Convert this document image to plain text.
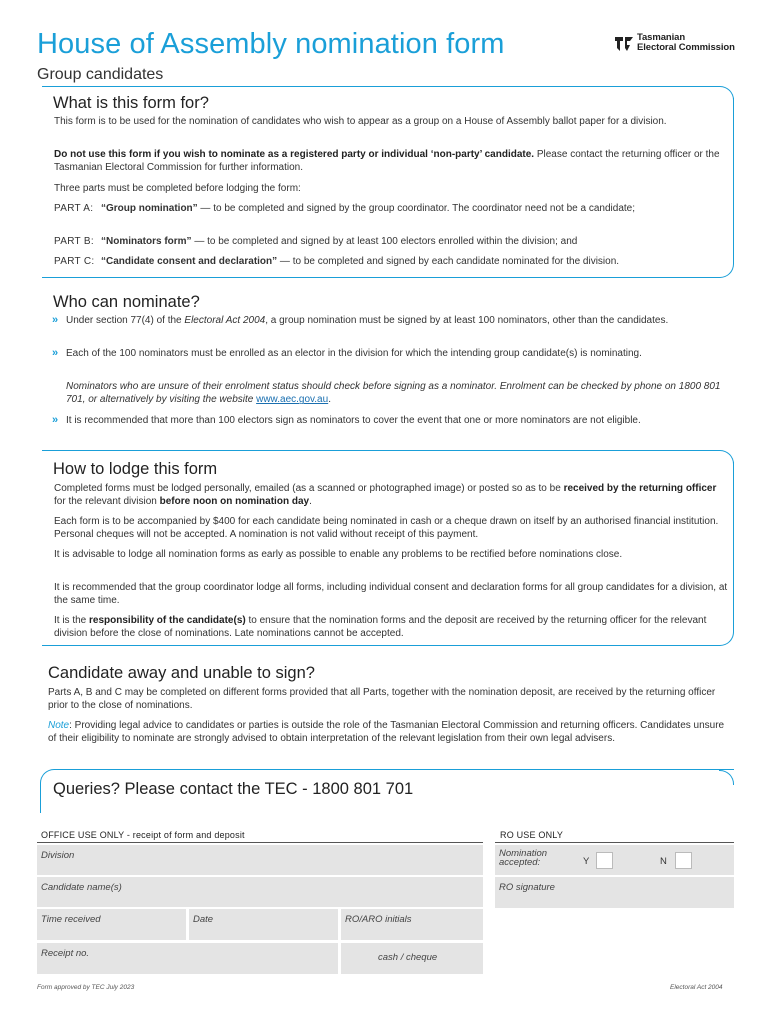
House of Assembly nomination form	Tasmanian
Electoral Commission
Group candidates
What is this form for?
This form is to be used for the nomination of candidates who wish to appear as a group on a House of Assembly ballot paper for a division.
Do not use this form if you wish to nominate as a registered party or individual ‘non-party’ candidate. Please contact the returning officer or the Tasmanian Electoral Commission for further information.
Three parts must be completed before lodging the form:
PART A: “Group nomination” — to be completed and signed by the group coordinator. The coordinator need not be a candidate;
PART B: “Nominators form” — to be completed and signed by at least 100 electors enrolled within the division; and
PART C: “Candidate consent and declaration” — to be completed and signed by each candidate nominated for the division.
Who can nominate?
» Under section 77(4) of the Electoral Act 2004, a group nomination must be signed by at least 100 nominators, other than the candidates.
» Each of the 100 nominators must be enrolled as an elector in the division for which the intending group candidate(s) is nominating.
Nominators who are unsure of their enrolment status should check before signing as a nominator. Enrolment can be checked by phone on 1800 801 701, or alternatively by visiting the website www.aec.gov.au.
» It is recommended that more than 100 electors sign as nominators to cover the event that one or more nominators are not eligible.
How to lodge this form
Completed forms must be lodged personally, emailed (as a scanned or photographed image) or posted so as to be received by the returning officer for the relevant division before noon on nomination day.
Each form is to be accompanied by $400 for each candidate being nominated in cash or a cheque drawn on itself by an authorised financial institution. Personal cheques will not be accepted. A nomination is not valid without receipt of this payment.
It is advisable to lodge all nomination forms as early as possible to enable any problems to be rectified before nominations close.
It is recommended that the group coordinator lodge all forms, including individual consent and declaration forms for all group candidates for a division, at the same time.
It is the responsibility of the candidate(s) to ensure that the nomination forms and the deposit are received by the returning officer for the relevant division before the close of nominations. Late nominations cannot be accepted.
Candidate away and unable to sign?
Parts A, B and C may be completed on different forms provided that all Parts, together with the nomination deposit, are received by the returning officer prior to the close of nominations.
Note: Providing legal advice to candidates or parties is outside the role of the Tasmanian Electoral Commission and returning officers. Candidates unsure of their eligibility to nominate are strongly advised to obtain interpretation of the relevant legislation from their own legal advisers.
Queries? Please contact the TEC - 1800 801 701
OFFICE USE ONLY - receipt of form and deposit
Division
Candidate name(s)
Time received	Date	RO/ARO initials
Receipt no.	cash / cheque
RO USE ONLY
Nomination
accepted:	Y	N
RO signature
Form approved by TEC July 2023	Electoral Act 2004
